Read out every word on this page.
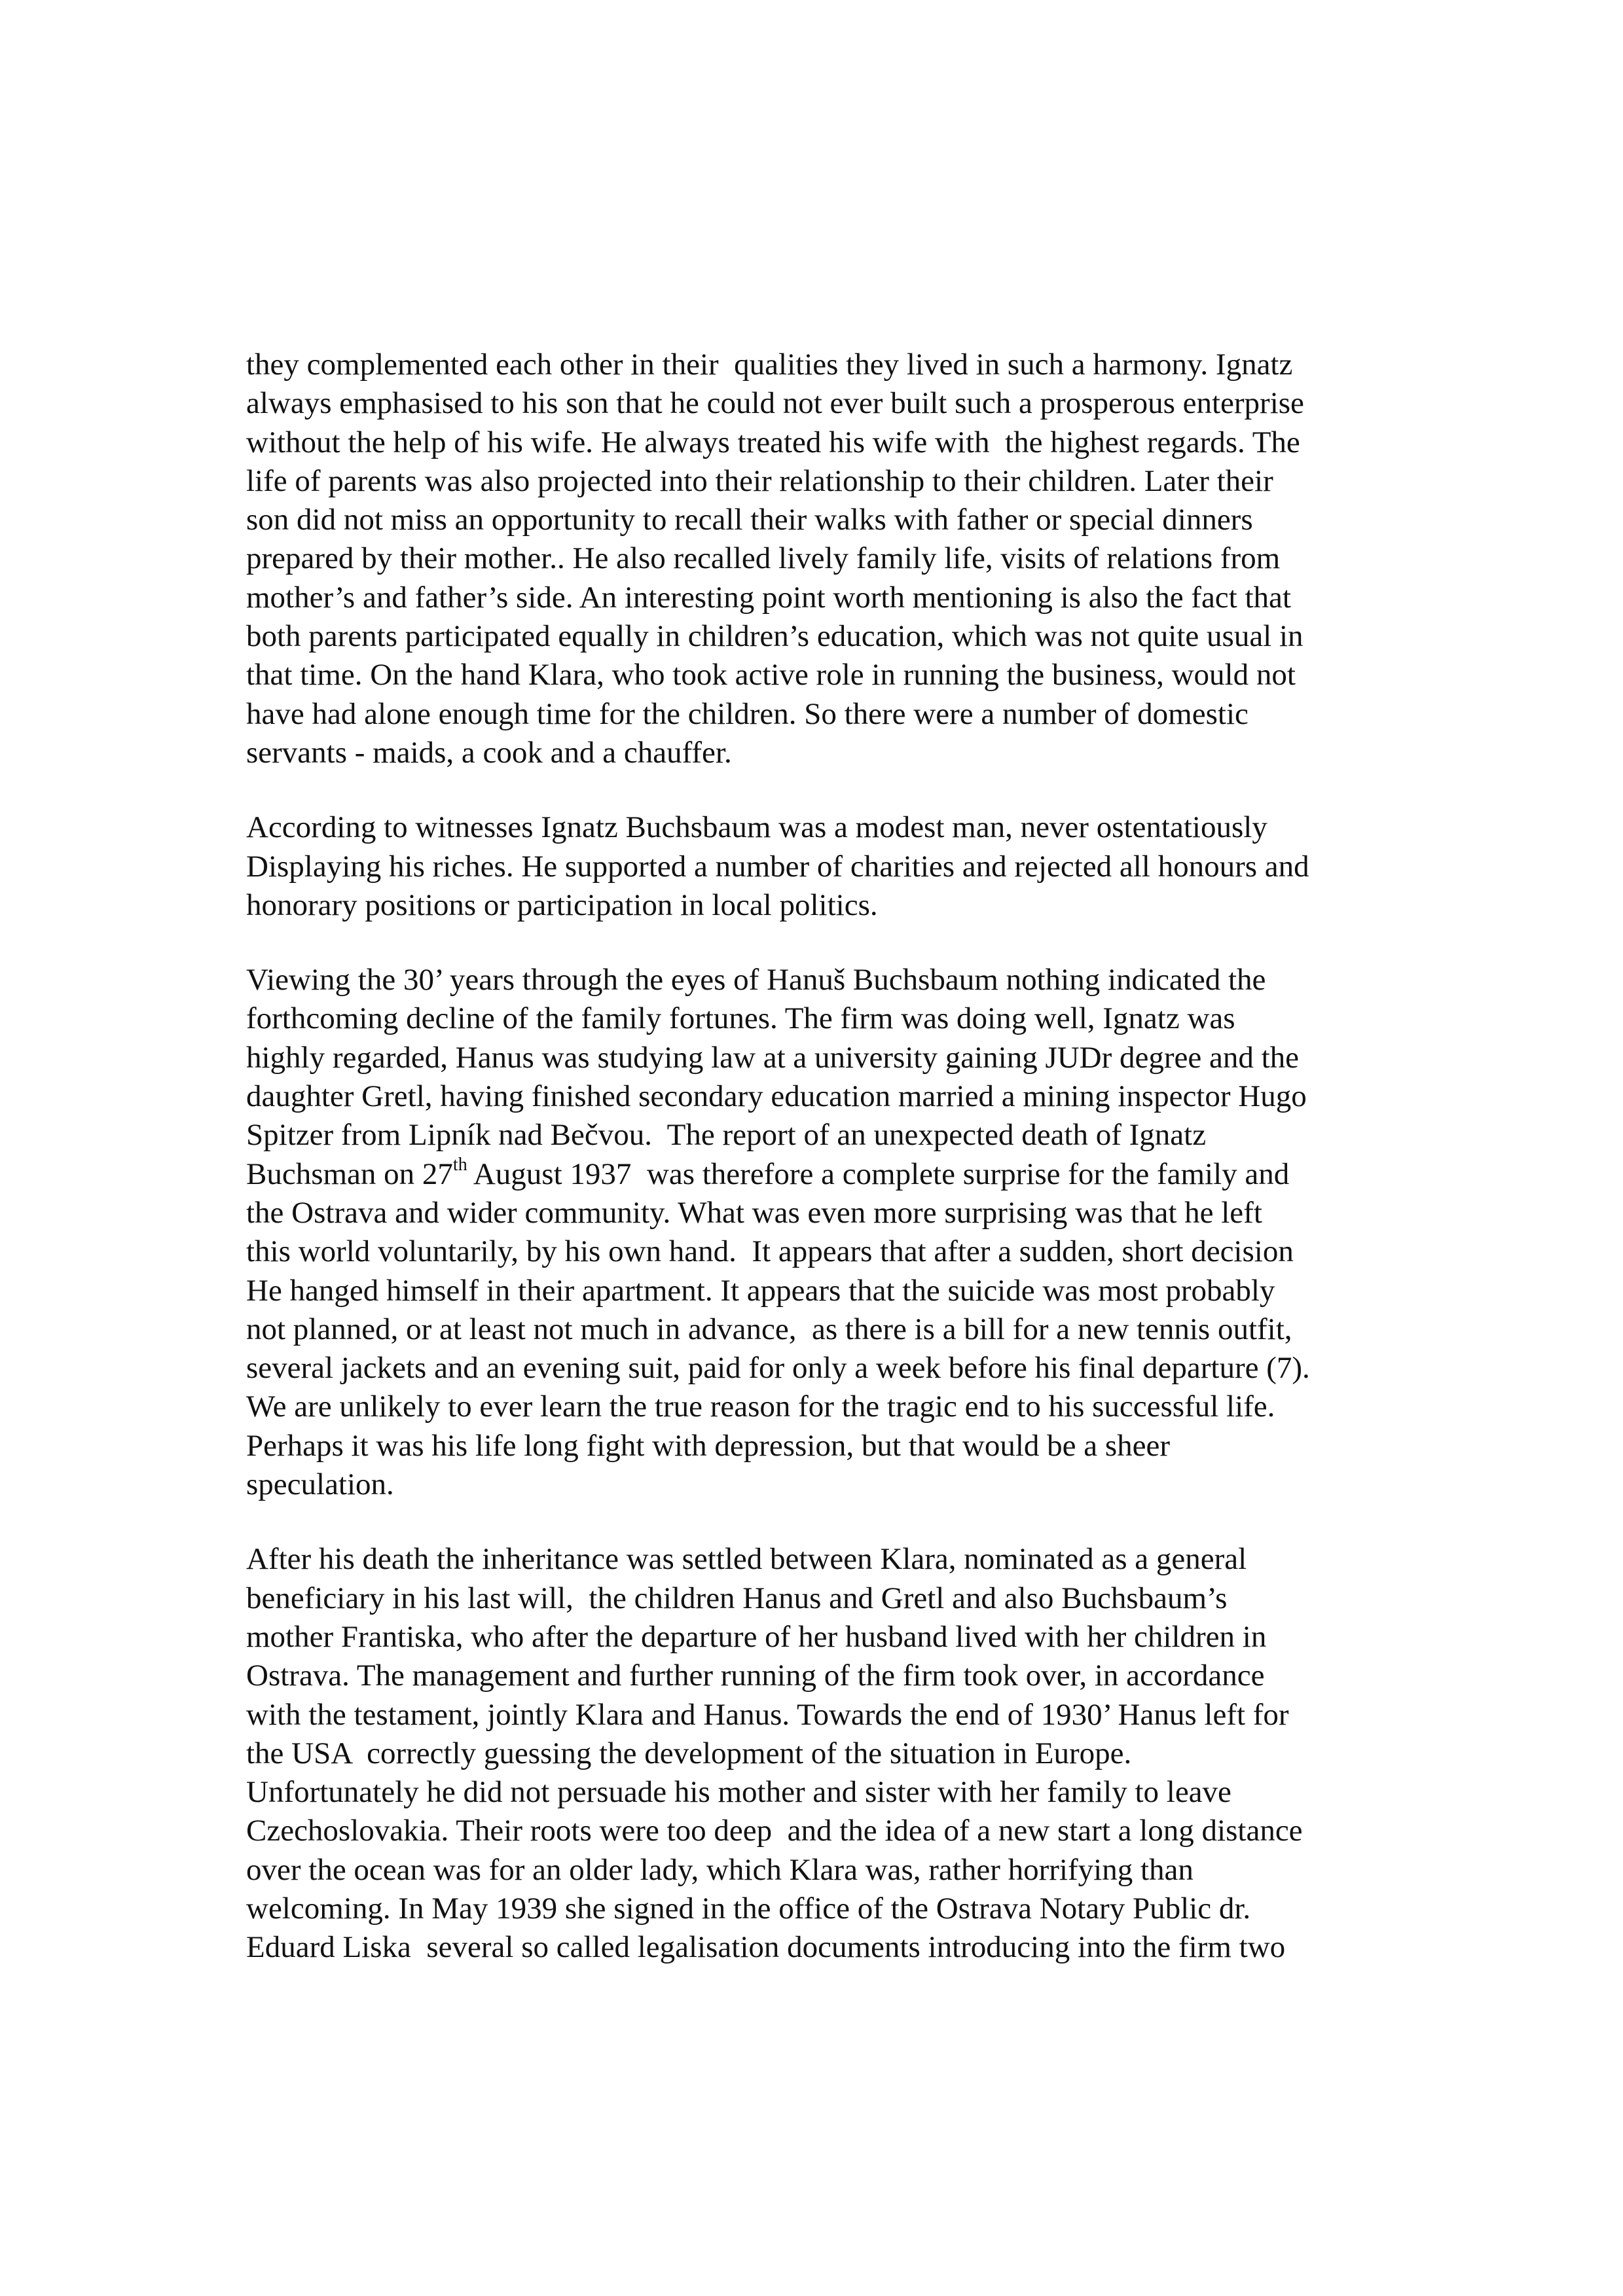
they complemented each other in their  qualities they lived in such a harmony. Ignatz
always emphasised to his son that he could not ever built such a prosperous enterprise
without the help of his wife. He always treated his wife with  the highest regards. The
life of parents was also projected into their relationship to their children. Later their
son did not miss an opportunity to recall their walks with father or special dinners
prepared by their mother.. He also recalled lively family life, visits of relations from
mother’s and father’s side. An interesting point worth mentioning is also the fact that
both parents participated equally in children’s education, which was not quite usual in
that time. On the hand Klara, who took active role in running the business, would not
have had alone enough time for the children. So there were a number of domestic
servants - maids, a cook and a chauffer.

According to witnesses Ignatz Buchsbaum was a modest man, never ostentatiously
Displaying his riches. He supported a number of charities and rejected all honours and
honorary positions or participation in local politics.

Viewing the 30’ years through the eyes of Hanuš Buchsbaum nothing indicated the
forthcoming decline of the family fortunes. The firm was doing well, Ignatz was
highly regarded, Hanus was studying law at a university gaining JUDr degree and the
daughter Gretl, having finished secondary education married a mining inspector Hugo
Spitzer from Lipník nad Bečvou.  The report of an unexpected death of Ignatz
Buchsman on 27th August 1937  was therefore a complete surprise for the family and
the Ostrava and wider community. What was even more surprising was that he left
this world voluntarily, by his own hand.  It appears that after a sudden, short decision
He hanged himself in their apartment. It appears that the suicide was most probably
not planned, or at least not much in advance,  as there is a bill for a new tennis outfit,
several jackets and an evening suit, paid for only a week before his final departure (7).
We are unlikely to ever learn the true reason for the tragic end to his successful life.
Perhaps it was his life long fight with depression, but that would be a sheer
speculation.

After his death the inheritance was settled between Klara, nominated as a general
beneficiary in his last will,  the children Hanus and Gretl and also Buchsbaum’s
mother Frantiska, who after the departure of her husband lived with her children in
Ostrava. The management and further running of the firm took over, in accordance
with the testament, jointly Klara and Hanus. Towards the end of 1930’ Hanus left for
the USA  correctly guessing the development of the situation in Europe.
Unfortunately he did not persuade his mother and sister with her family to leave
Czechoslovakia. Their roots were too deep  and the idea of a new start a long distance
over the ocean was for an older lady, which Klara was, rather horrifying than
welcoming. In May 1939 she signed in the office of the Ostrava Notary Public dr.
Eduard Liska  several so called legalisation documents introducing into the firm two
